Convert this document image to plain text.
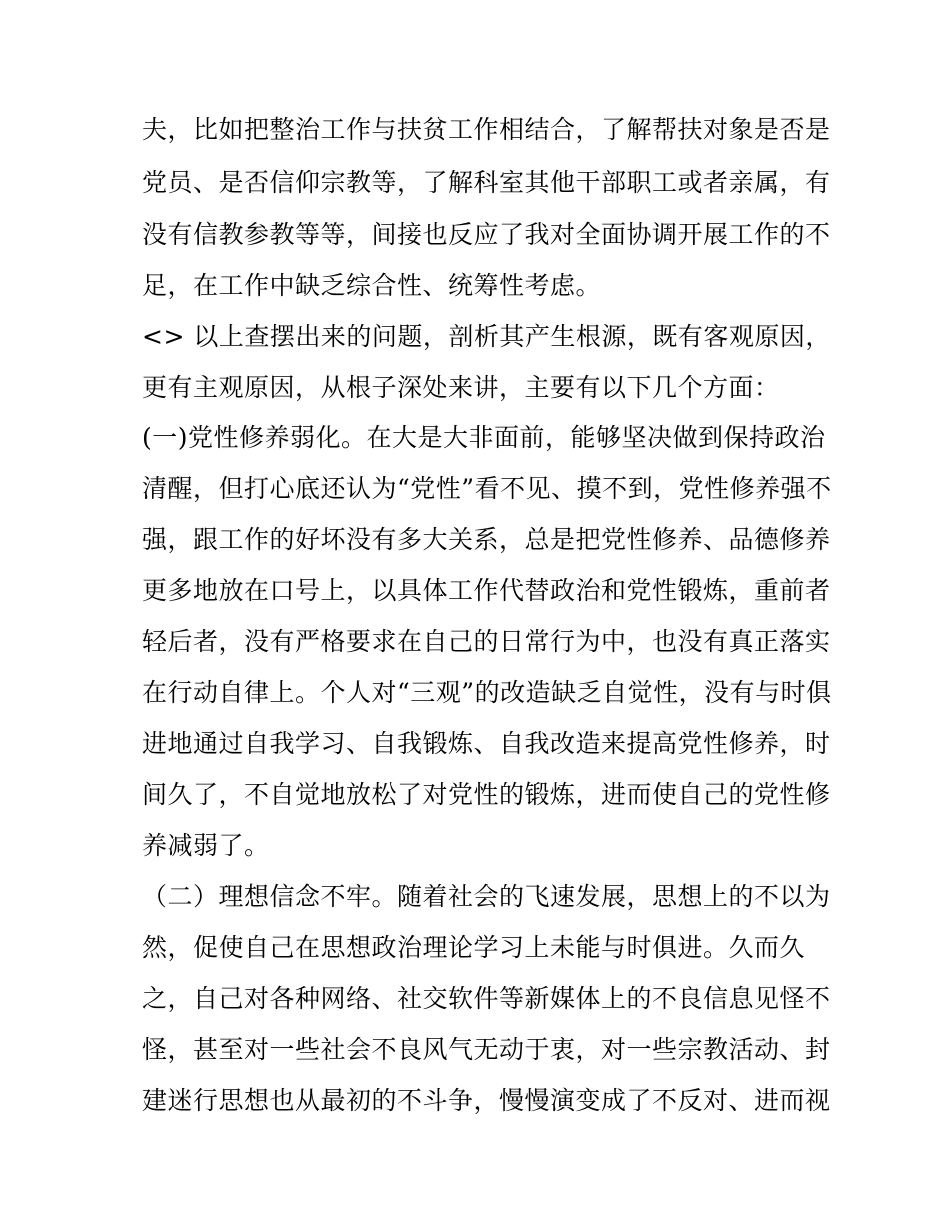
夫，比如把整治工作与扶贫工作相结合，了解帮扶对象是否是
党员、是否信仰宗教等，了解科室其他干部职工或者亲属，有
没有信教参教等等，间接也反应了我对全面协调开展工作的不
足，在工作中缺乏综合性、统筹性考虑。
<> 以上查摆出来的问题，剖析其产生根源，既有客观原因，
更有主观原因，从根子深处来讲，主要有以下几个方面：
(一)党性修养弱化。在大是大非面前，能够坚决做到保持政治
清醒，但打心底还认为“党性”看不见、摸不到，党性修养强不
强，跟工作的好坏没有多大关系，总是把党性修养、品德修养
更多地放在口号上，以具体工作代替政治和党性锻炼，重前者
轻后者，没有严格要求在自己的日常行为中，也没有真正落实
在行动自律上。个人对“三观”的改造缺乏自觉性，没有与时俱
进地通过自我学习、自我锻炼、自我改造来提高党性修养，时
间久了，不自觉地放松了对党性的锻炼，进而使自己的党性修
养减弱了。
（二）理想信念不牢。随着社会的飞速发展，思想上的不以为
然，促使自己在思想政治理论学习上未能与时俱进。久而久
之，自己对各种网络、社交软件等新媒体上的不良信息见怪不
怪，甚至对一些社会不良风气无动于衷，对一些宗教活动、封
建迷行思想也从最初的不斗争，慢慢演变成了不反对、进而视
